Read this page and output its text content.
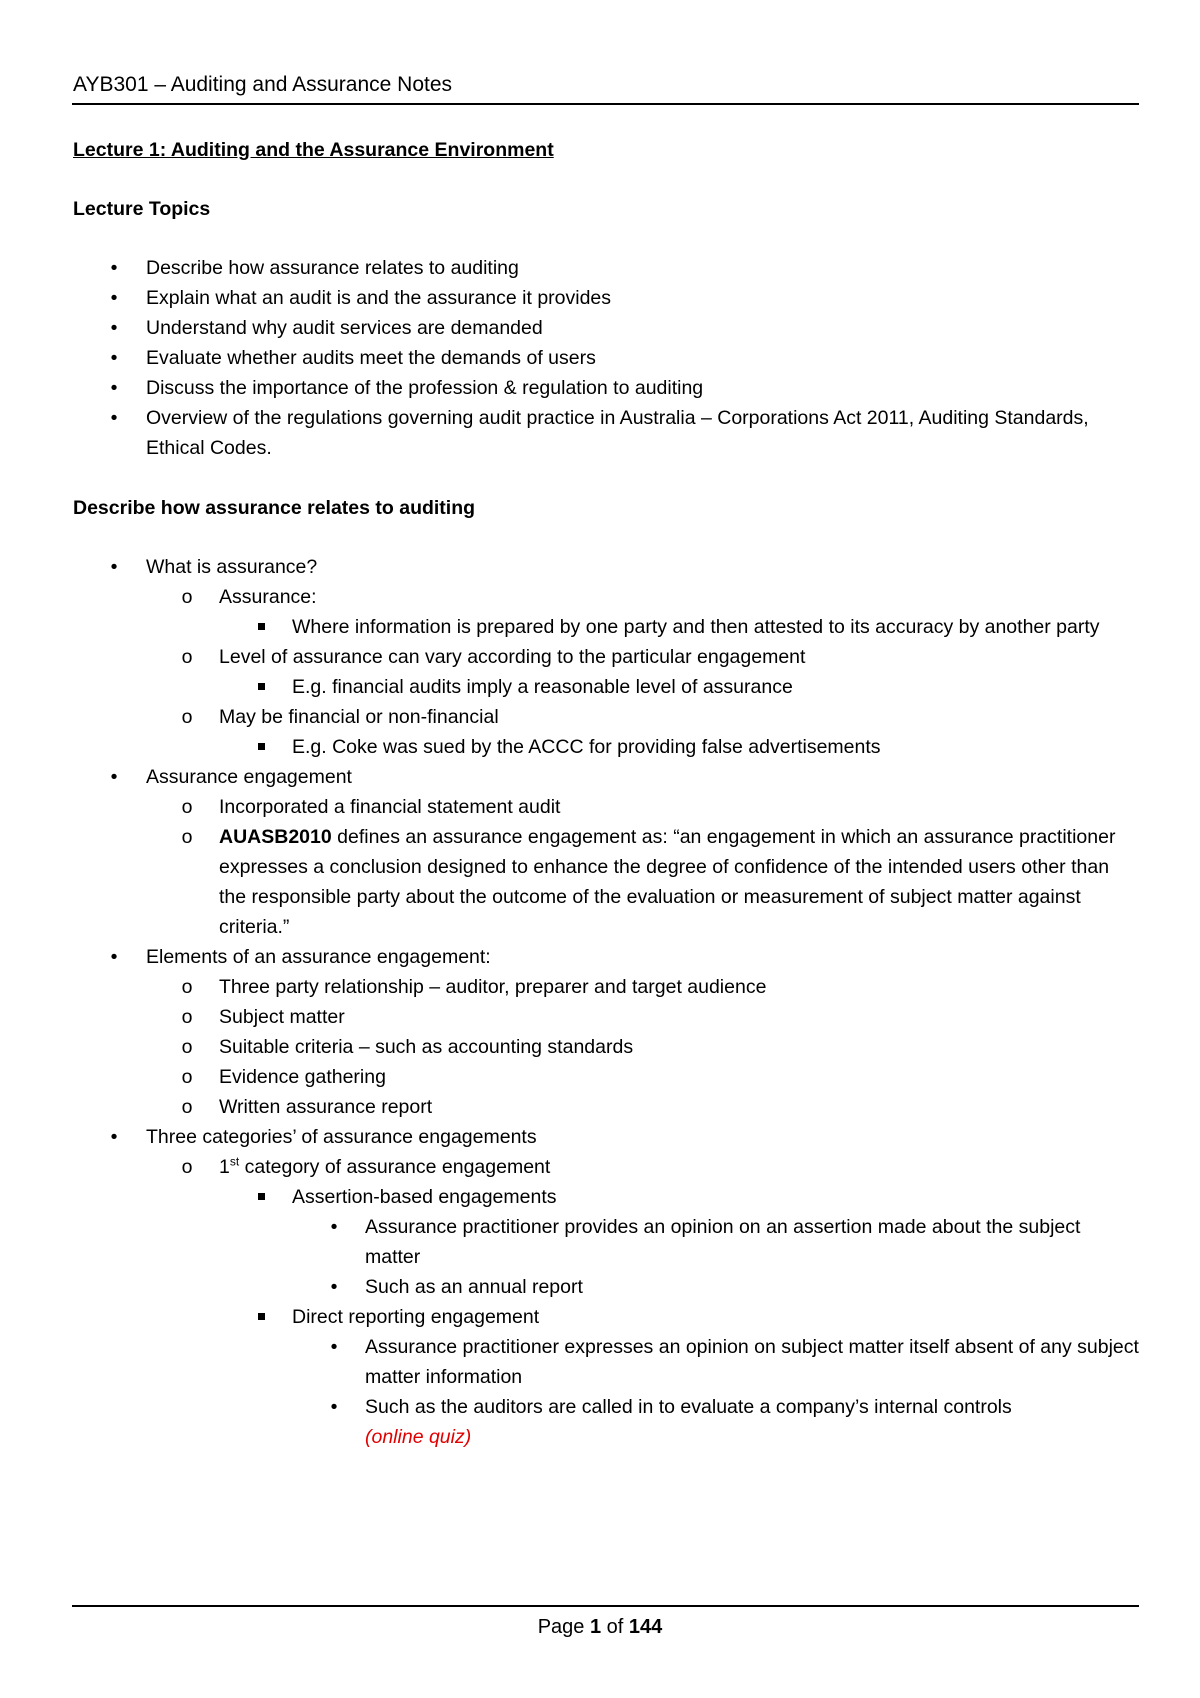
AYB301 – Auditing and Assurance Notes

Lecture 1: Auditing and the Assurance Environment

Lecture Topics

•
Describe how assurance relates to auditing
•
Explain what an audit is and the assurance it provides
•
Understand why audit services are demanded
•
Evaluate whether audits meet the demands of users
•
Discuss the importance of the profession & regulation to auditing
•
Overview of the regulations governing audit practice in Australia – Corporations Act 2011, Auditing Standards, Ethical Codes.

Describe how assurance relates to auditing

•
What is assurance?
o
Assurance:
Where information is prepared by one party and then attested to its accuracy by another party
o
Level of assurance can vary according to the particular engagement
E.g. financial audits imply a reasonable level of assurance
o
May be financial or non-financial
E.g. Coke was sued by the ACCC for providing false advertisements
•
Assurance engagement
o
Incorporated a financial statement audit
o
AUASB2010 defines an assurance engagement as: “an engagement in which an assurance practitioner expresses a conclusion designed to enhance the degree of confidence of the intended users other than the responsible party about the outcome of the evaluation or measurement of subject matter against criteria.”
•
Elements of an assurance engagement:
o
Three party relationship – auditor, preparer and target audience
o
Subject matter
o
Suitable criteria – such as accounting standards
o
Evidence gathering
o
Written assurance report
•
Three categories’ of assurance engagements
o
1st category of assurance engagement
Assertion-based engagements
•
Assurance practitioner provides an opinion on an assertion made about the subject matter
•
Such as an annual report
Direct reporting engagement
•
Assurance practitioner expresses an opinion on subject matter itself absent of any subject matter information
•
Such as the auditors are called in to evaluate a company’s internal controls
(online quiz)
Page 1 of 144
